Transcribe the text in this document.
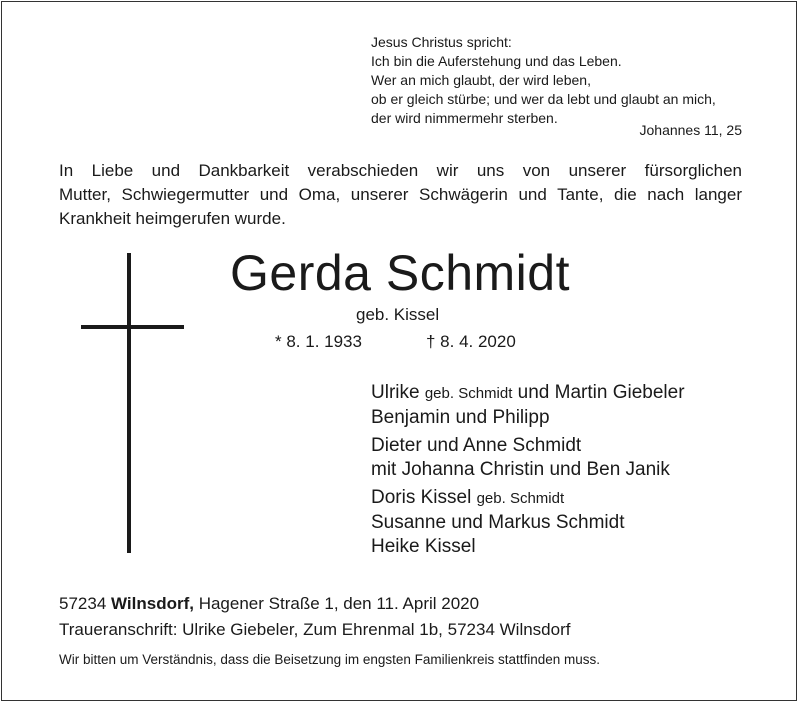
Jesus Christus spricht:
Ich bin die Auferstehung und das Leben.
Wer an mich glaubt, der wird leben,
ob er gleich stürbe; und wer da lebt und glaubt an mich,
der wird nimmermehr sterben.
Johannes 11, 25
In Liebe und Dankbarkeit verabschieden wir uns von unserer fürsorglichen
Mutter, Schwiegermutter und Oma, unserer Schwägerin und Tante, die nach langer
Krankheit heimgerufen wurde.
Gerda Schmidt
geb. Kissel
* 8. 1. 1933	† 8. 4. 2020
Ulrike geb. Schmidt und Martin Giebeler
Benjamin und Philipp
Dieter und Anne Schmidt
mit Johanna Christin und Ben Janik
Doris Kissel geb. Schmidt
Susanne und Markus Schmidt
Heike Kissel
57234 Wilnsdorf, Hagener Straße 1, den 11. April 2020
Traueranschrift: Ulrike Giebeler, Zum Ehrenmal 1b, 57234 Wilnsdorf
Wir bitten um Verständnis, dass die Beisetzung im engsten Familienkreis stattfinden muss.
